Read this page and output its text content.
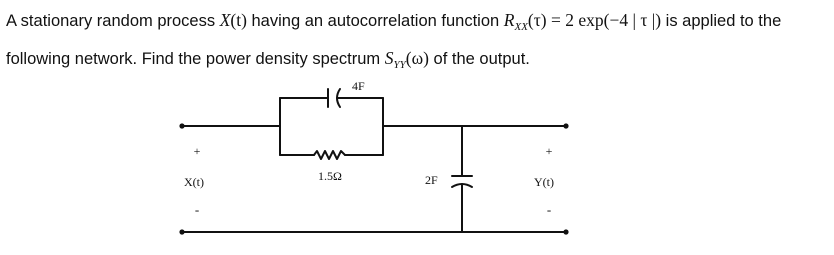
A stationary random process X(t) having an autocorrelation function $R_{XX}(\tau) = 2$ exp(−4 | τ |) is applied to the following network. Find the power density spectrum $S_{YY}(\omega)$ of the output.

4F
1.5Ω	2F
X(t)	Y(t)
+
-
+
-
